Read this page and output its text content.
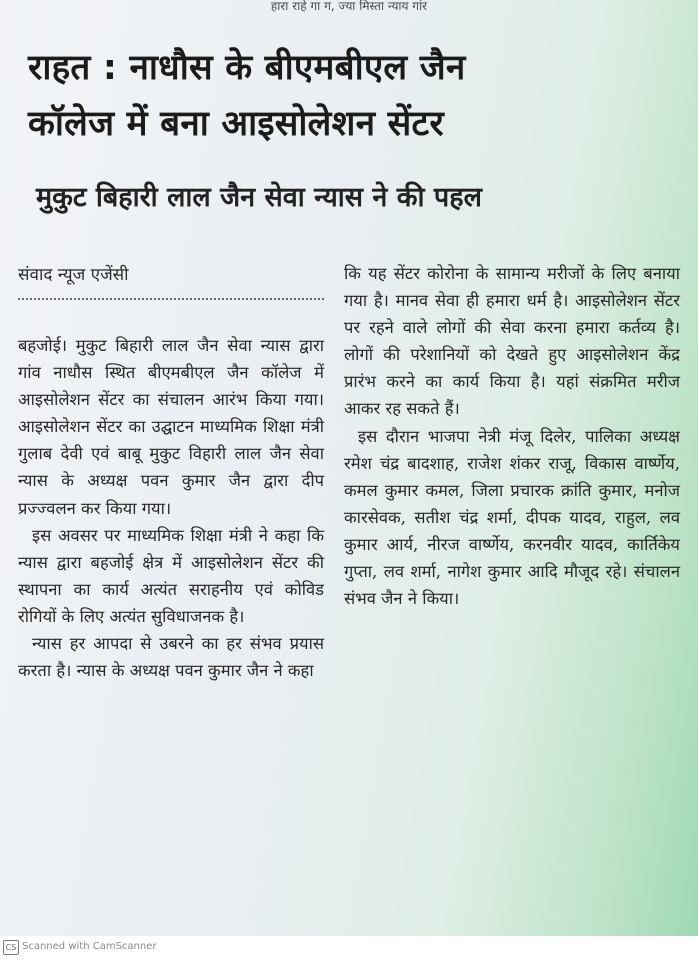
हारा राहे गा ग, ज्या मिस्ता न्याय गांर
राहत : नाधौस के बीएमबीएल जैन
कॉलेज में बना आइसोलेशन सेंटर
मुकुट बिहारी लाल जैन सेवा न्यास ने की पहल
संवाद न्यूज एजेंसी

बहजोई। मुकुट बिहारी लाल जैन सेवा न्यास द्वारा गांव नाधौस स्थित बीएमबीएल जैन कॉलेज में आइसोलेशन सेंटर का संचालन आरंभ किया गया। आइसोलेशन सेंटर का उद्घाटन माध्यमिक शिक्षा मंत्री गुलाब देवी एवं बाबू मुकुट विहारी लाल जैन सेवा न्यास के अध्यक्ष पवन कुमार जैन द्वारा दीप प्रज्ज्वलन कर किया गया।

इस अवसर पर माध्यमिक शिक्षा मंत्री ने कहा कि न्यास द्वारा बहजोई क्षेत्र में आइसोलेशन सेंटर की स्थापना का कार्य अत्यंत सराहनीय एवं कोविड रोगियों के लिए अत्यंत सुविधाजनक है।

न्यास हर आपदा से उबरने का हर संभव प्रयास करता है। न्यास के अध्यक्ष पवन कुमार जैन ने कहा

कि यह सेंटर कोरोना के सामान्य मरीजों के लिए बनाया गया है। मानव सेवा ही हमारा धर्म है। आइसोलेशन सेंटर पर रहने वाले लोगों की सेवा करना हमारा कर्तव्य है। लोगों की परेशानियों को देखते हुए आइसोलेशन केंद्र प्रारंभ करने का कार्य किया है। यहां संक्रमित मरीज आकर रह सकते हैं।

इस दौरान भाजपा नेत्री मंजू दिलेर, पालिका अध्यक्ष रमेश चंद्र बादशाह, राजेश शंकर राजू, विकास वार्ष्णेय, कमल कुमार कमल, जिला प्रचारक क्रांति कुमार, मनोज कारसेवक, सतीश चंद्र शर्मा, दीपक यादव, राहुल, लव कुमार आर्य, नीरज वार्ष्णेय, करनवीर यादव, कार्तिकेय गुप्ता, लव शर्मा, नागेश कुमार आदि मौजूद रहे। संचालन संभव जैन ने किया।

CS Scanned with CamScanner
